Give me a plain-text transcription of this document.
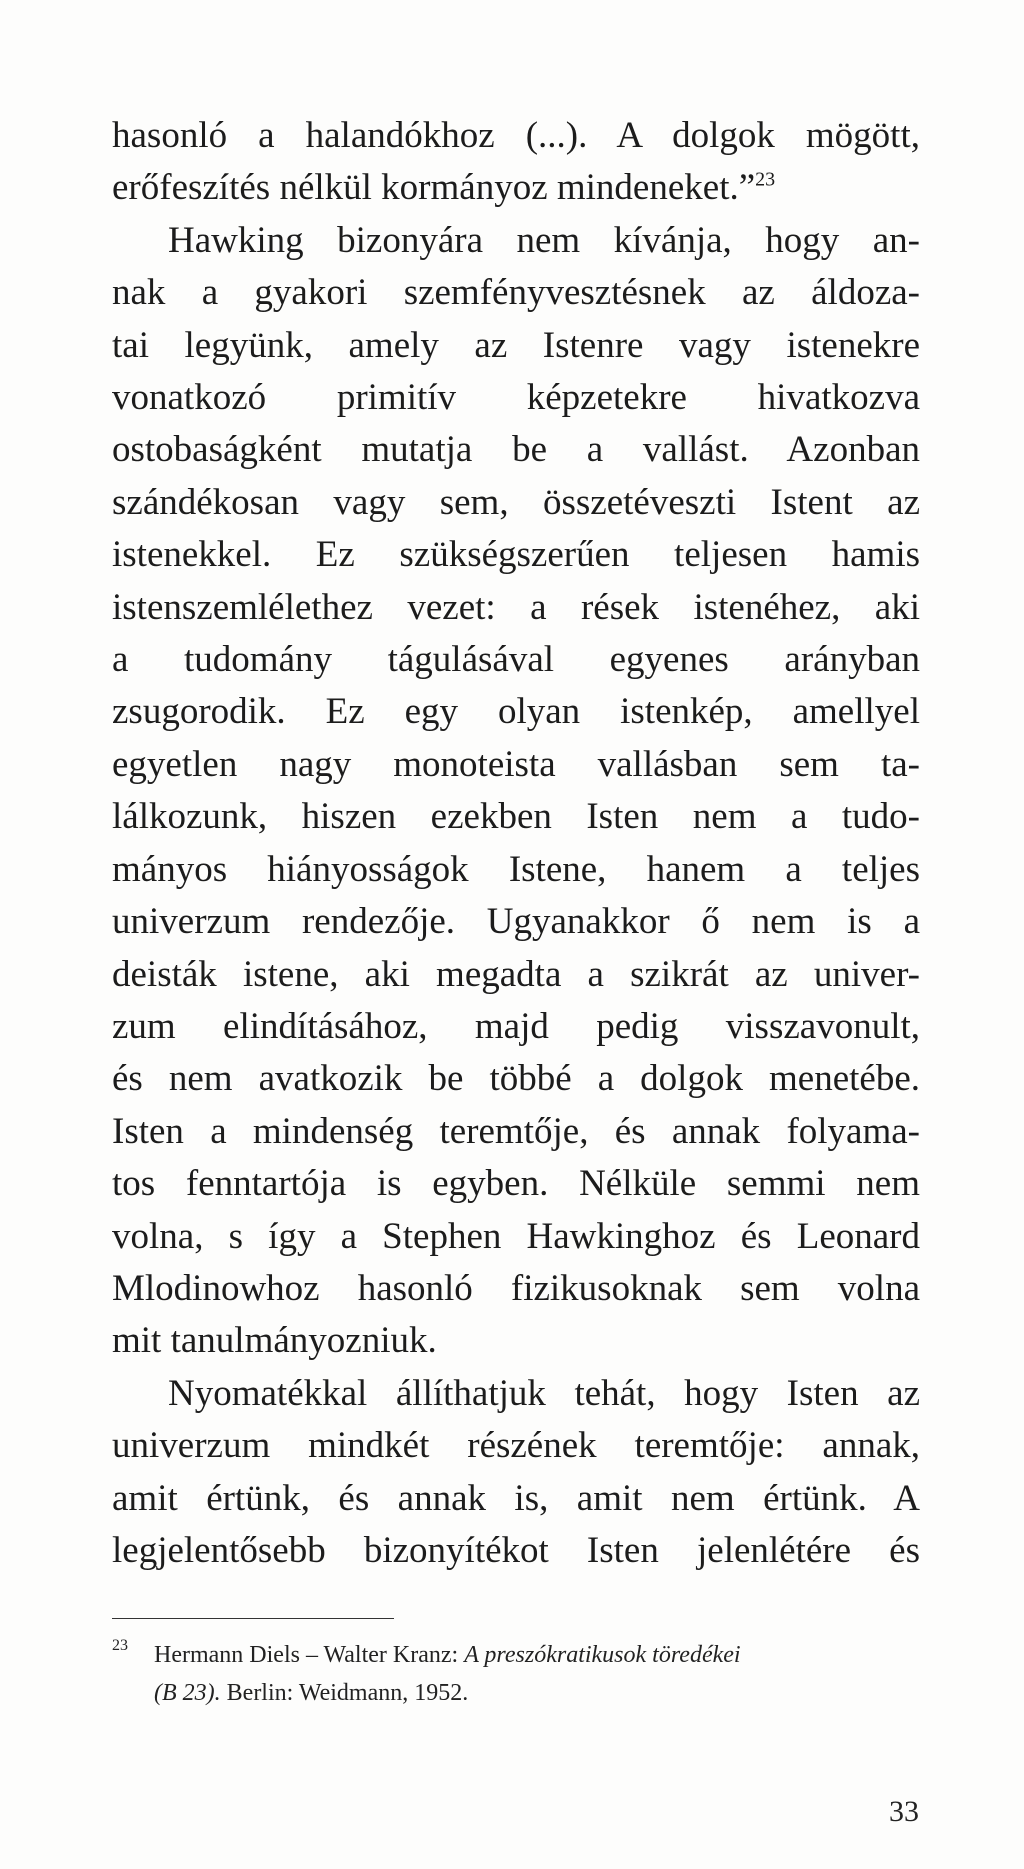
hasonló a halandókhoz (...). A dolgok mögött,
erőfeszítés nélkül kormányoz mindeneket.”$^{23}$

Hawking bizonyára nem kívánja, hogy an-
nak a gyakori szemfényvesztésnek az áldoza-
tai legyünk, amely az Istenre vagy istenekre
vonatkozó primitív képzetekre hivatkozva
ostobaságként mutatja be a vallást. Azonban
szándékosan vagy sem, összetéveszti Istent az
istenekkel. Ez szükségszerűen teljesen hamis
istenszemlélethez vezet: a rések istenéhez, aki
a tudomány tágulásával egyenes arányban
zsugorodik. Ez egy olyan istenkép, amellyel
egyetlen nagy monoteista vallásban sem ta-
lálkozunk, hiszen ezekben Isten nem a tudo-
mányos hiányosságok Istene, hanem a teljes
univerzum rendezője. Ugyanakkor ő nem is a
deisták istene, aki megadta a szikrát az univer-
zum elindításához, majd pedig visszavonult,
és nem avatkozik be többé a dolgok menetébe.
Isten a mindenség teremtője, és annak folyama-
tos fenntartója is egyben. Nélküle semmi nem
volna, s így a Stephen Hawkinghoz és Leonard
Mlodinowhoz hasonló fizikusoknak sem volna
mit tanulmányozniuk.

Nyomatékkal állíthatjuk tehát, hogy Isten az
univerzum mindkét részének teremtője: annak,
amit értünk, és annak is, amit nem értünk. A
legjelentősebb bizonyítékot Isten jelenlétére és

23 Hermann Diels – Walter Kranz: A preszókratikusok töredékei
(B 23). Berlin: Weidmann, 1952.
33
